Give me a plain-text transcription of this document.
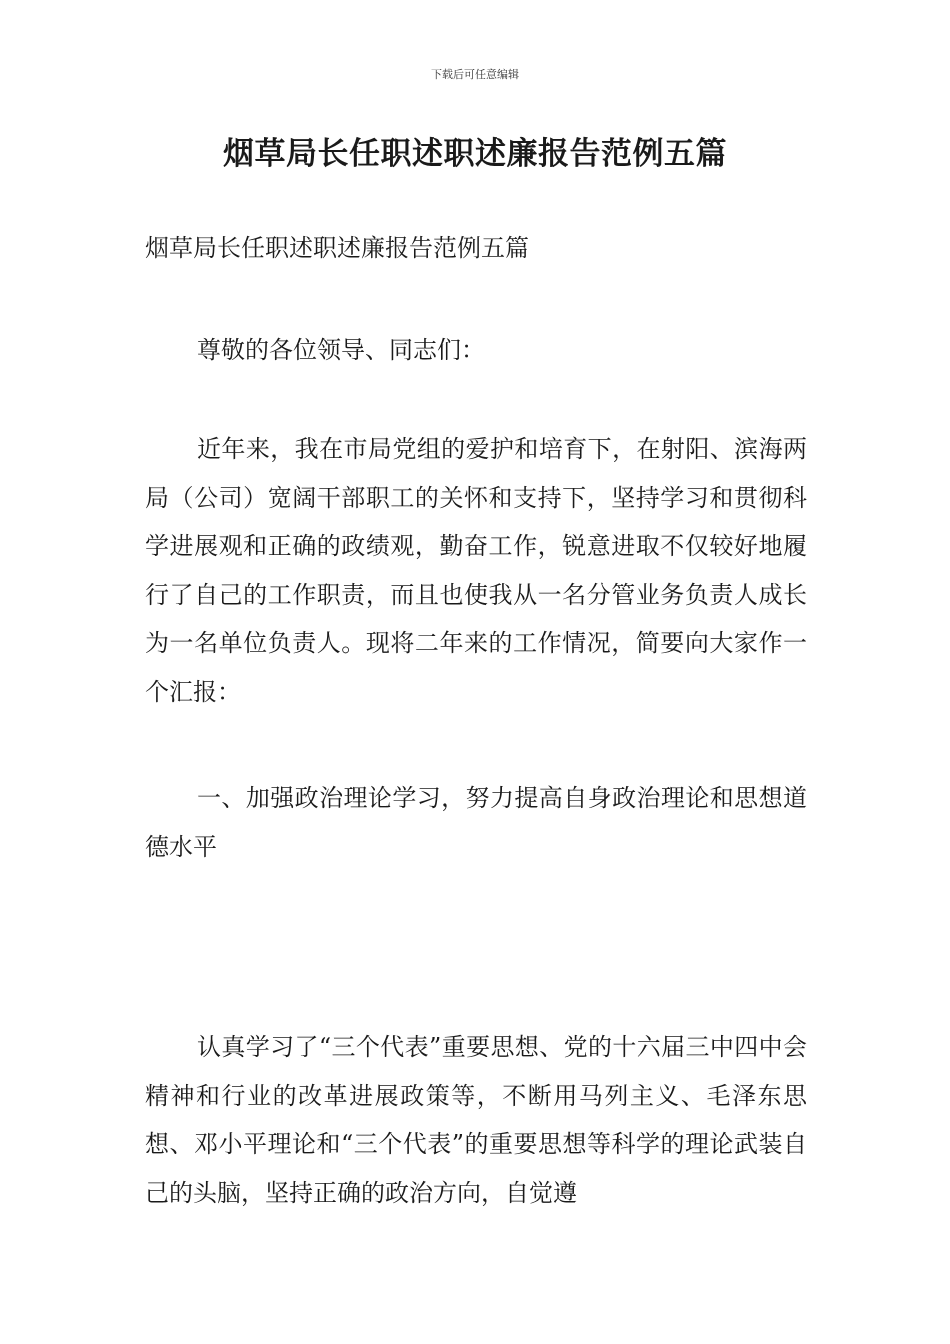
下载后可任意编辑
烟草局长任职述职述廉报告范例五篇

烟草局长任职述职述廉报告范例五篇

尊敬的各位领导、同志们：

近年来，我在市局党组的爱护和培育下，在射阳、滨海两局（公司）宽阔干部职工的关怀和支持下，坚持学习和贯彻科学进展观和正确的政绩观，勤奋工作，锐意进取不仅较好地履行了自己的工作职责，而且也使我从一名分管业务负责人成长为一名单位负责人。现将二年来的工作情况，简要向大家作一个汇报：

一、加强政治理论学习，努力提高自身政治理论和思想道德水平

认真学习了“三个代表”重要思想、党的十六届三中四中会精神和行业的改革进展政策等，不断用马列主义、毛泽东思想、邓小平理论和“三个代表”的重要思想等科学的理论武装自己的头脑，坚持正确的政治方向，自觉遵
